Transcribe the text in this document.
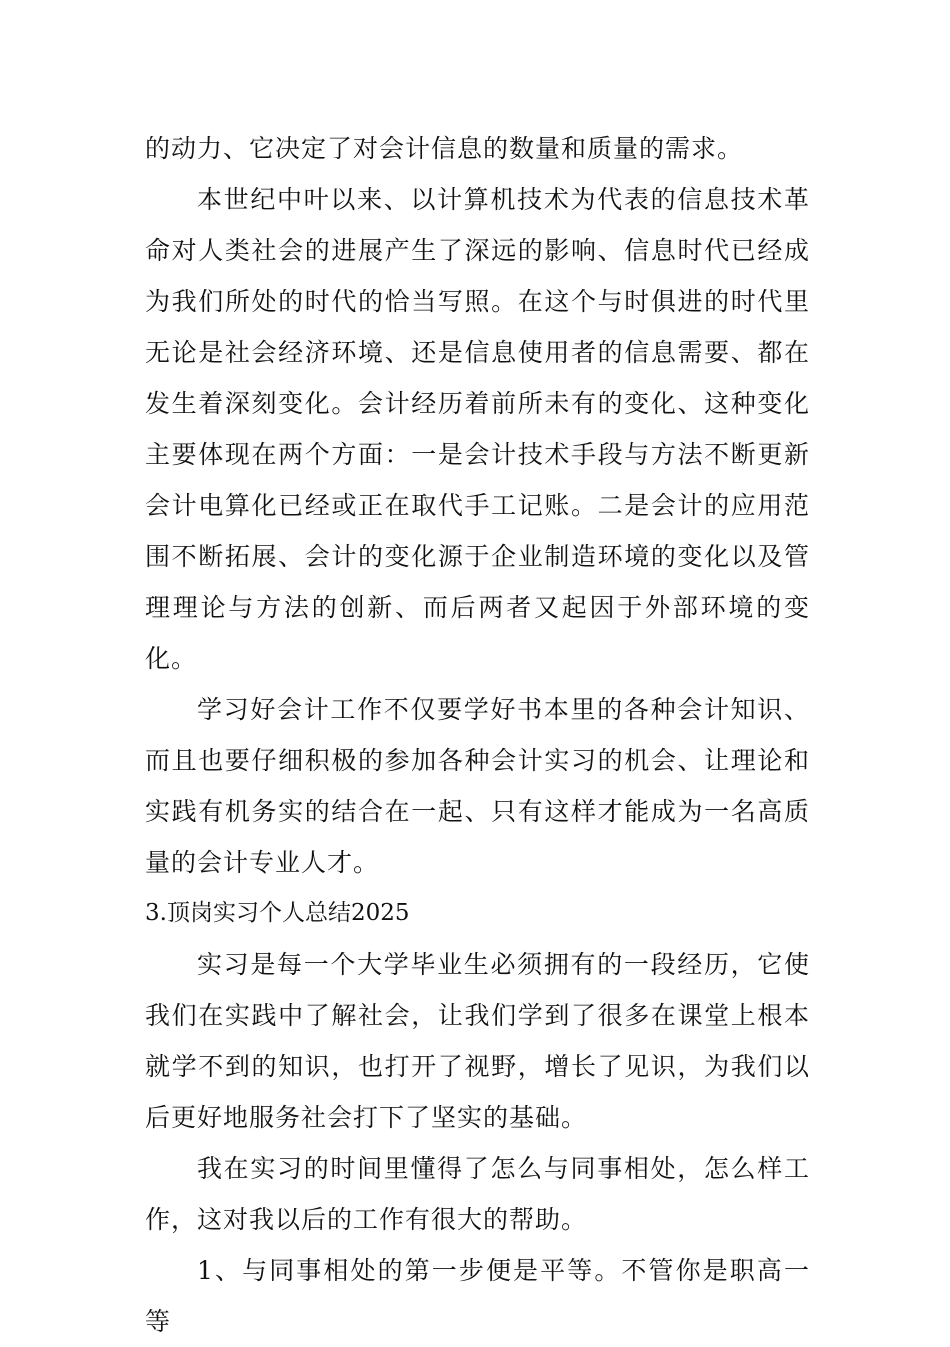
的动力、它决定了对会计信息的数量和质量的需求。

本世纪中叶以来、以计算机技术为代表的信息技术革命对人类社会的进展产生了深远的影响、信息时代已经成为我们所处的时代的恰当写照。在这个与时俱进的时代里无论是社会经济环境、还是信息使用者的信息需要、都在发生着深刻变化。会计经历着前所未有的变化、这种变化主要体现在两个方面：一是会计技术手段与方法不断更新会计电算化已经或正在取代手工记账。二是会计的应用范围不断拓展、会计的变化源于企业制造环境的变化以及管理理论与方法的创新、而后两者又起因于外部环境的变化。

学习好会计工作不仅要学好书本里的各种会计知识、而且也要仔细积极的参加各种会计实习的机会、让理论和实践有机务实的结合在一起、只有这样才能成为一名高质量的会计专业人才。

3.顶岗实习个人总结2025

实习是每一个大学毕业生必须拥有的一段经历，它使我们在实践中了解社会，让我们学到了很多在课堂上根本就学不到的知识，也打开了视野，增长了见识，为我们以后更好地服务社会打下了坚实的基础。

我在实习的时间里懂得了怎么与同事相处，怎么样工作，这对我以后的工作有很大的帮助。

1、与同事相处的第一步便是平等。不管你是职高一等
